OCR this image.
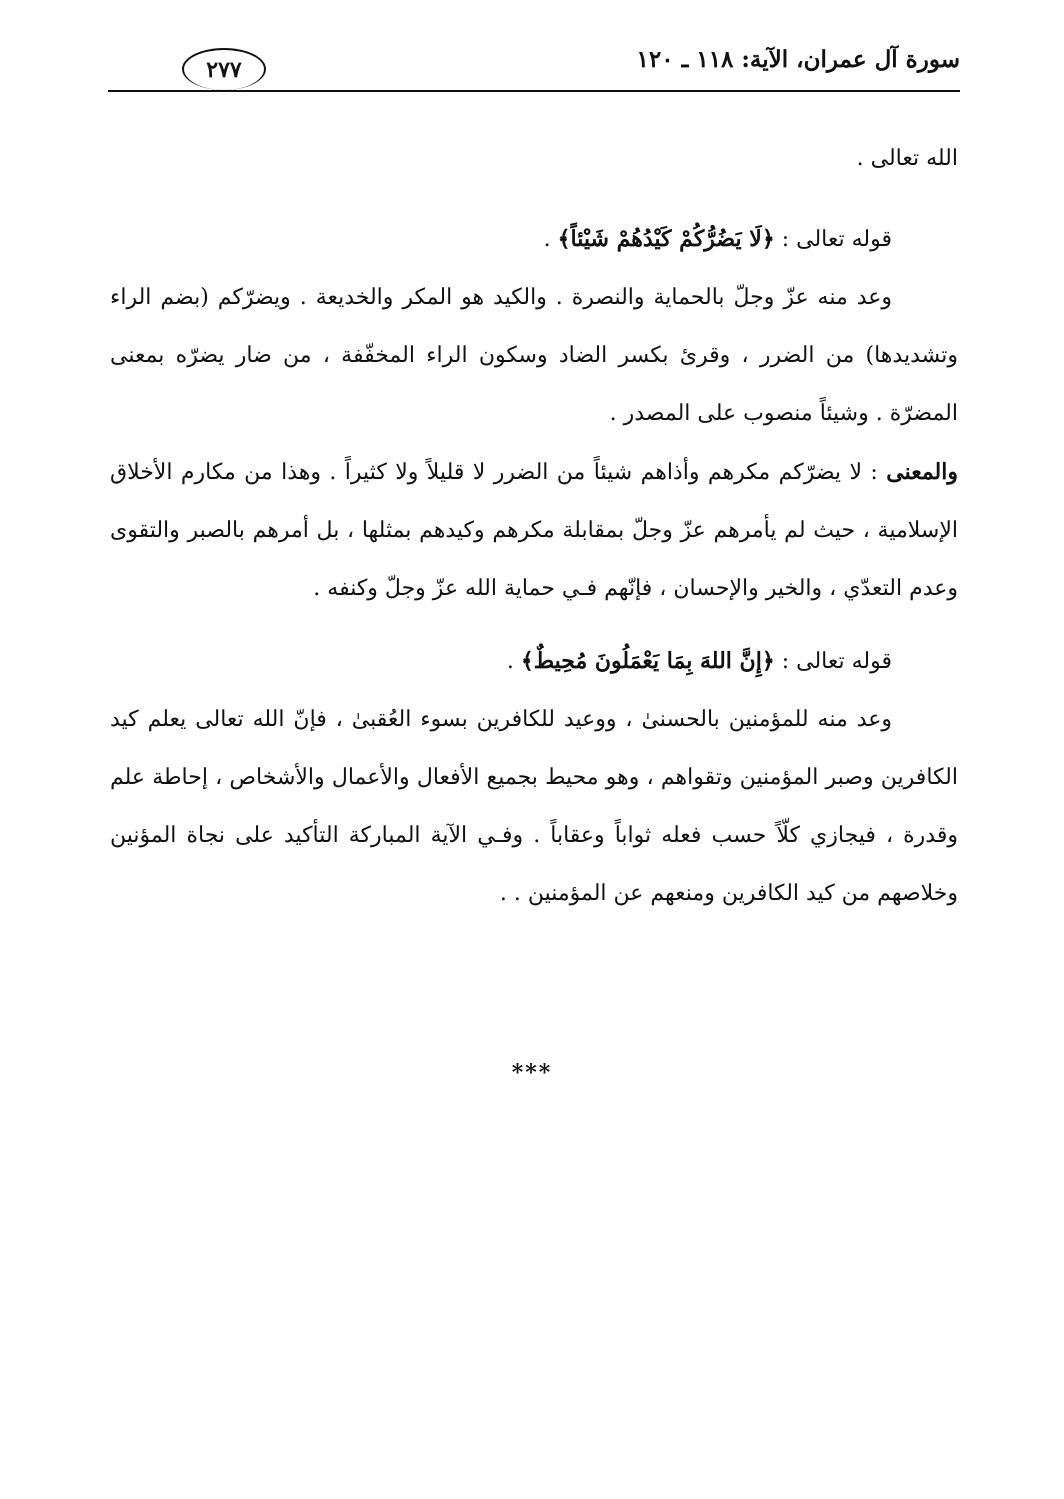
سورة آل عمران، الآية: ١١٨ ـ ١٢٠
٢٧٧

الله تعالى .

قوله تعالى : ﴿لَا يَضُرُّكُمْ كَيْدُهُمْ شَيْئاً﴾ .

وعد منه عزّ وجلّ بالحماية والنصرة . والكيد هو المكر والخديعة . ويضرّكم (بضم الراء وتشديدها) من الضرر ، وقرئ بكسر الضاد وسكون الراء المخفّفة ، من ضار يضرّه بمعنى المضرّة . وشيئاً منصوب على المصدر .

والمعنى : لا يضرّكم مكرهم وأذاهم شيئاً من الضرر لا قليلاً ولا كثيراً . وهذا من مكارم الأخلاق الإسلامية ، حيث لم يأمرهم عزّ وجلّ بمقابلة مكرهم وكيدهم بمثلها ، بل أمرهم بالصبر والتقوى وعدم التعدّي ، والخير والإحسان ، فإنّهم فـي حماية الله عزّ وجلّ وكنفه .

قوله تعالى : ﴿إِنَّ اللهَ بِمَا يَعْمَلُونَ مُحِيطٌ﴾ .

وعد منه للمؤمنين بالحسنىٰ ، ووعيد للكافرين بسوء العُقبىٰ ، فإنّ الله تعالى يعلم كيد الكافرين وصبر المؤمنين وتقواهم ، وهو محيط بجميع الأفعال والأعمال والأشخاص ، إحاطة علم وقدرة ، فيجازي كلّاً حسب فعله ثواباً وعقاباً . وفـي الآية المباركة التأكيد على نجاة المؤنين وخلاصهم من كيد الكافرين ومنعهم عن المؤمنين . .

***
